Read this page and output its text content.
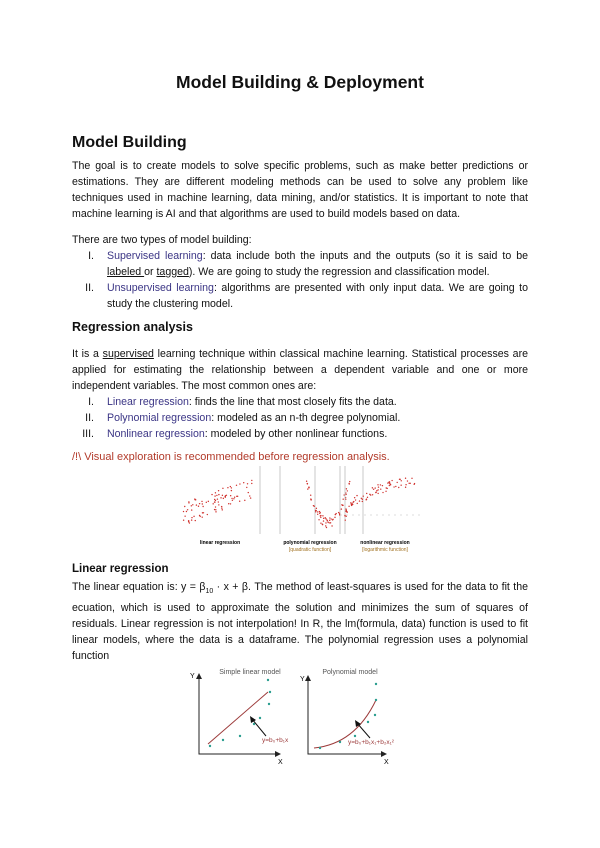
Model Building & Deployment
Model Building
The goal is to create models to solve specific problems, such as make better predictions or estimations. They are different modeling methods can be used to solve any problem like techniques used in machine learning, data mining, and/or statistics. It is important to note that machine learning is AI and that algorithms are used to build models based on data.
There are two types of model building:
I. Supervised learning: data include both the inputs and the outputs (so it is said to be labeled or tagged). We are going to study the regression and classification model.
II. Unsupervised learning: algorithms are presented with only input data. We are going to study the clustering model.
Regression analysis
It is a supervised learning technique within classical machine learning. Statistical processes are applied for estimating the relationship between a dependent variable and one or more independent variables. The most common ones are:
I. Linear regression: finds the line that most closely fits the data.
II. Polynomial regression: modeled as an n-th degree polynomial.
III. Nonlinear regression: modeled by other nonlinear functions.
/!\ Visual exploration is recommended before regression analysis.
linear regression	polynomial regression
[quadratic function]
nonlinear regression
[logarithmic function]
Linear regression
The linear equation is: $y = \beta_{10} \cdot x + \beta$. The method of least-squares is used for the data to fit the ecuation, which is used to approximate the solution and minimizes the sum of squares of residuals. Linear regression is not interpolation! In R, the lm(formula, data) function is used to fit linear models, where the data is a dataframe. The polynomial regression uses a polynomial function
Simple linear model
Y
X
y=b₀+b₁x
Polynomial model
Y
X
y=b₀+b₁x₁+b₂x₁²
